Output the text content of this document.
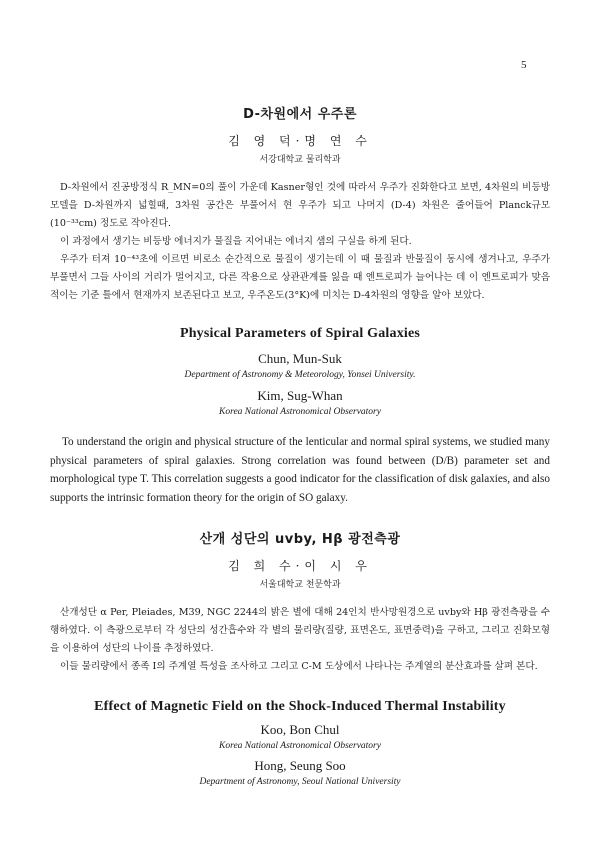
5
D-차원에서 우주론
김 영 덕·명 연 수
서강대학교 물리학과

D-차원에서 진공방정식 R_MN=0의 풀이 가운데 Kasner형인 것에 따라서 우주가 진화한다고 보면, 4차원의 비등방 모델을 D-차원까지 넓힐때, 3차원 공간은 부풀어서 현 우주가 되고 나머지 (D-4) 차원은 줄어들어 Planck규모(10⁻³³cm) 정도로 작아진다.

이 과정에서 생기는 비등방 에너지가 물질을 지어내는 에너지 샘의 구실을 하게 된다.

우주가 터져 10⁻⁴³초에 이르면 비로소 순간적으로 물질이 생기는데 이 때 물질과 반물질이 동시에 생겨나고, 우주가 부풀면서 그들 사이의 거리가 멀어지고, 다른 작용으로 상관관계를 잃을 때 엔트로피가 늘어나는 데 이 엔트로피가 맞음적이는 기준 틀에서 현재까지 보존된다고 보고, 우주온도(3°K)에 미치는 D-4차원의 영향을 알아 보았다.

Physical Parameters of Spiral Galaxies
Chun, Mun-Suk
Department of Astronomy & Meteorology, Yonsei University.
Kim, Sug-Whan
Korea National Astronomical Observatory

To understand the origin and physical structure of the lenticular and normal spiral systems, we studied many physical parameters of spiral galaxies. Strong correlation was found between (D/B) parameter set and morphological type T. This correlation suggests a good indicator for the classification of disk galaxies, and also supports the intrinsic formation theory for the origin of SO galaxy.

산개 성단의 uvby, Hβ 광전측광
김 희 수·이 시 우
서울대학교 천문학과

산개성단 α Per, Pleiades, M39, NGC 2244의 밝은 별에 대해 24인치 반사망원경으로 uvby와 Hβ 광전측광을 수행하였다. 이 측광으로부터 각 성단의 성간흡수와 각 별의 물리량(질량, 표면온도, 표면중력)을 구하고, 그리고 진화모형을 이용하여 성단의 나이를 추정하였다.

이들 물리량에서 종족 I의 주계열 특성을 조사하고 그리고 C-M 도상에서 나타나는 주계열의 분산효과를 살펴 본다.

Effect of Magnetic Field on the Shock-Induced Thermal Instability
Koo, Bon Chul
Korea National Astronomical Observatory
Hong, Seung Soo
Department of Astronomy, Seoul National University
